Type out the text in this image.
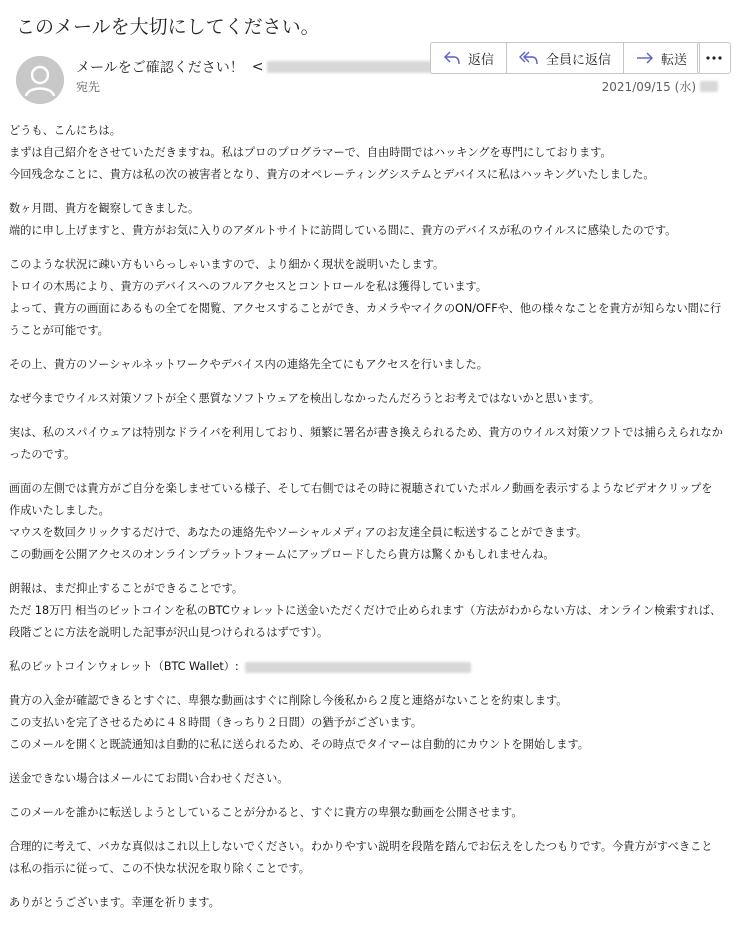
このメールを大切にしてください。
メールをご確認ください！ <
宛先
返信	全員に返信	転送
2021/09/15 (水)

どうも、こんにちは。
まずは自己紹介をさせていただきますね。私はプロのプログラマーで、自由時間ではハッキングを専門にしております。
今回残念なことに、貴方は私の次の被害者となり、貴方のオペレーティングシステムとデバイスに私はハッキングいたしました。

数ヶ月間、貴方を観察してきました。
端的に申し上げますと、貴方がお気に入りのアダルトサイトに訪問している間に、貴方のデバイスが私のウイルスに感染したのです。

このような状況に疎い方もいらっしゃいますので、より細かく現状を説明いたします。
トロイの木馬により、貴方のデバイスへのフルアクセスとコントロールを私は獲得しています。
よって、貴方の画面にあるもの全てを閲覧、アクセスすることができ、カメラやマイクのON/OFFや、他の様々なことを貴方が知らない間に行うことが可能です。

その上、貴方のソーシャルネットワークやデバイス内の連絡先全てにもアクセスを行いました。

なぜ今までウイルス対策ソフトが全く悪質なソフトウェアを検出しなかったんだろうとお考えではないかと思います。

実は、私のスパイウェアは特別なドライバを利用しており、頻繁に署名が書き換えられるため、貴方のウイルス対策ソフトでは捕らえられなかったのです。

画面の左側では貴方がご自分を楽しませている様子、そして右側ではその時に視聴されていたポルノ動画を表示するようなビデオクリップを作成いたしました。
マウスを数回クリックするだけで、あなたの連絡先やソーシャルメディアのお友達全員に転送することができます。
この動画を公開アクセスのオンラインプラットフォームにアップロードしたら貴方は驚くかもしれませんね。

朗報は、まだ抑止することができることです。
ただ 18万円 相当のビットコインを私のBTCウォレットに送金いただくだけで止められます（方法がわからない方は、オンライン検索すれば、段階ごとに方法を説明した記事が沢山見つけられるはずです）。

私のビットコインウォレット（BTC Wallet）:

貴方の入金が確認できるとすぐに、卑猥な動画はすぐに削除し今後私から２度と連絡がないことを約束します。
この支払いを完了させるために４８時間（きっちり２日間）の猶予がございます。
このメールを開くと既読通知は自動的に私に送られるため、その時点でタイマーは自動的にカウントを開始します。

送金できない場合はメールにてお問い合わせください。

このメールを誰かに転送しようとしていることが分かると、すぐに貴方の卑猥な動画を公開させます。

合理的に考えて、バカな真似はこれ以上しないでください。わかりやすい説明を段階を踏んでお伝えをしたつもりです。今貴方がすべきことは私の指示に従って、この不快な状況を取り除くことです。

ありがとうございます。幸運を祈ります。
